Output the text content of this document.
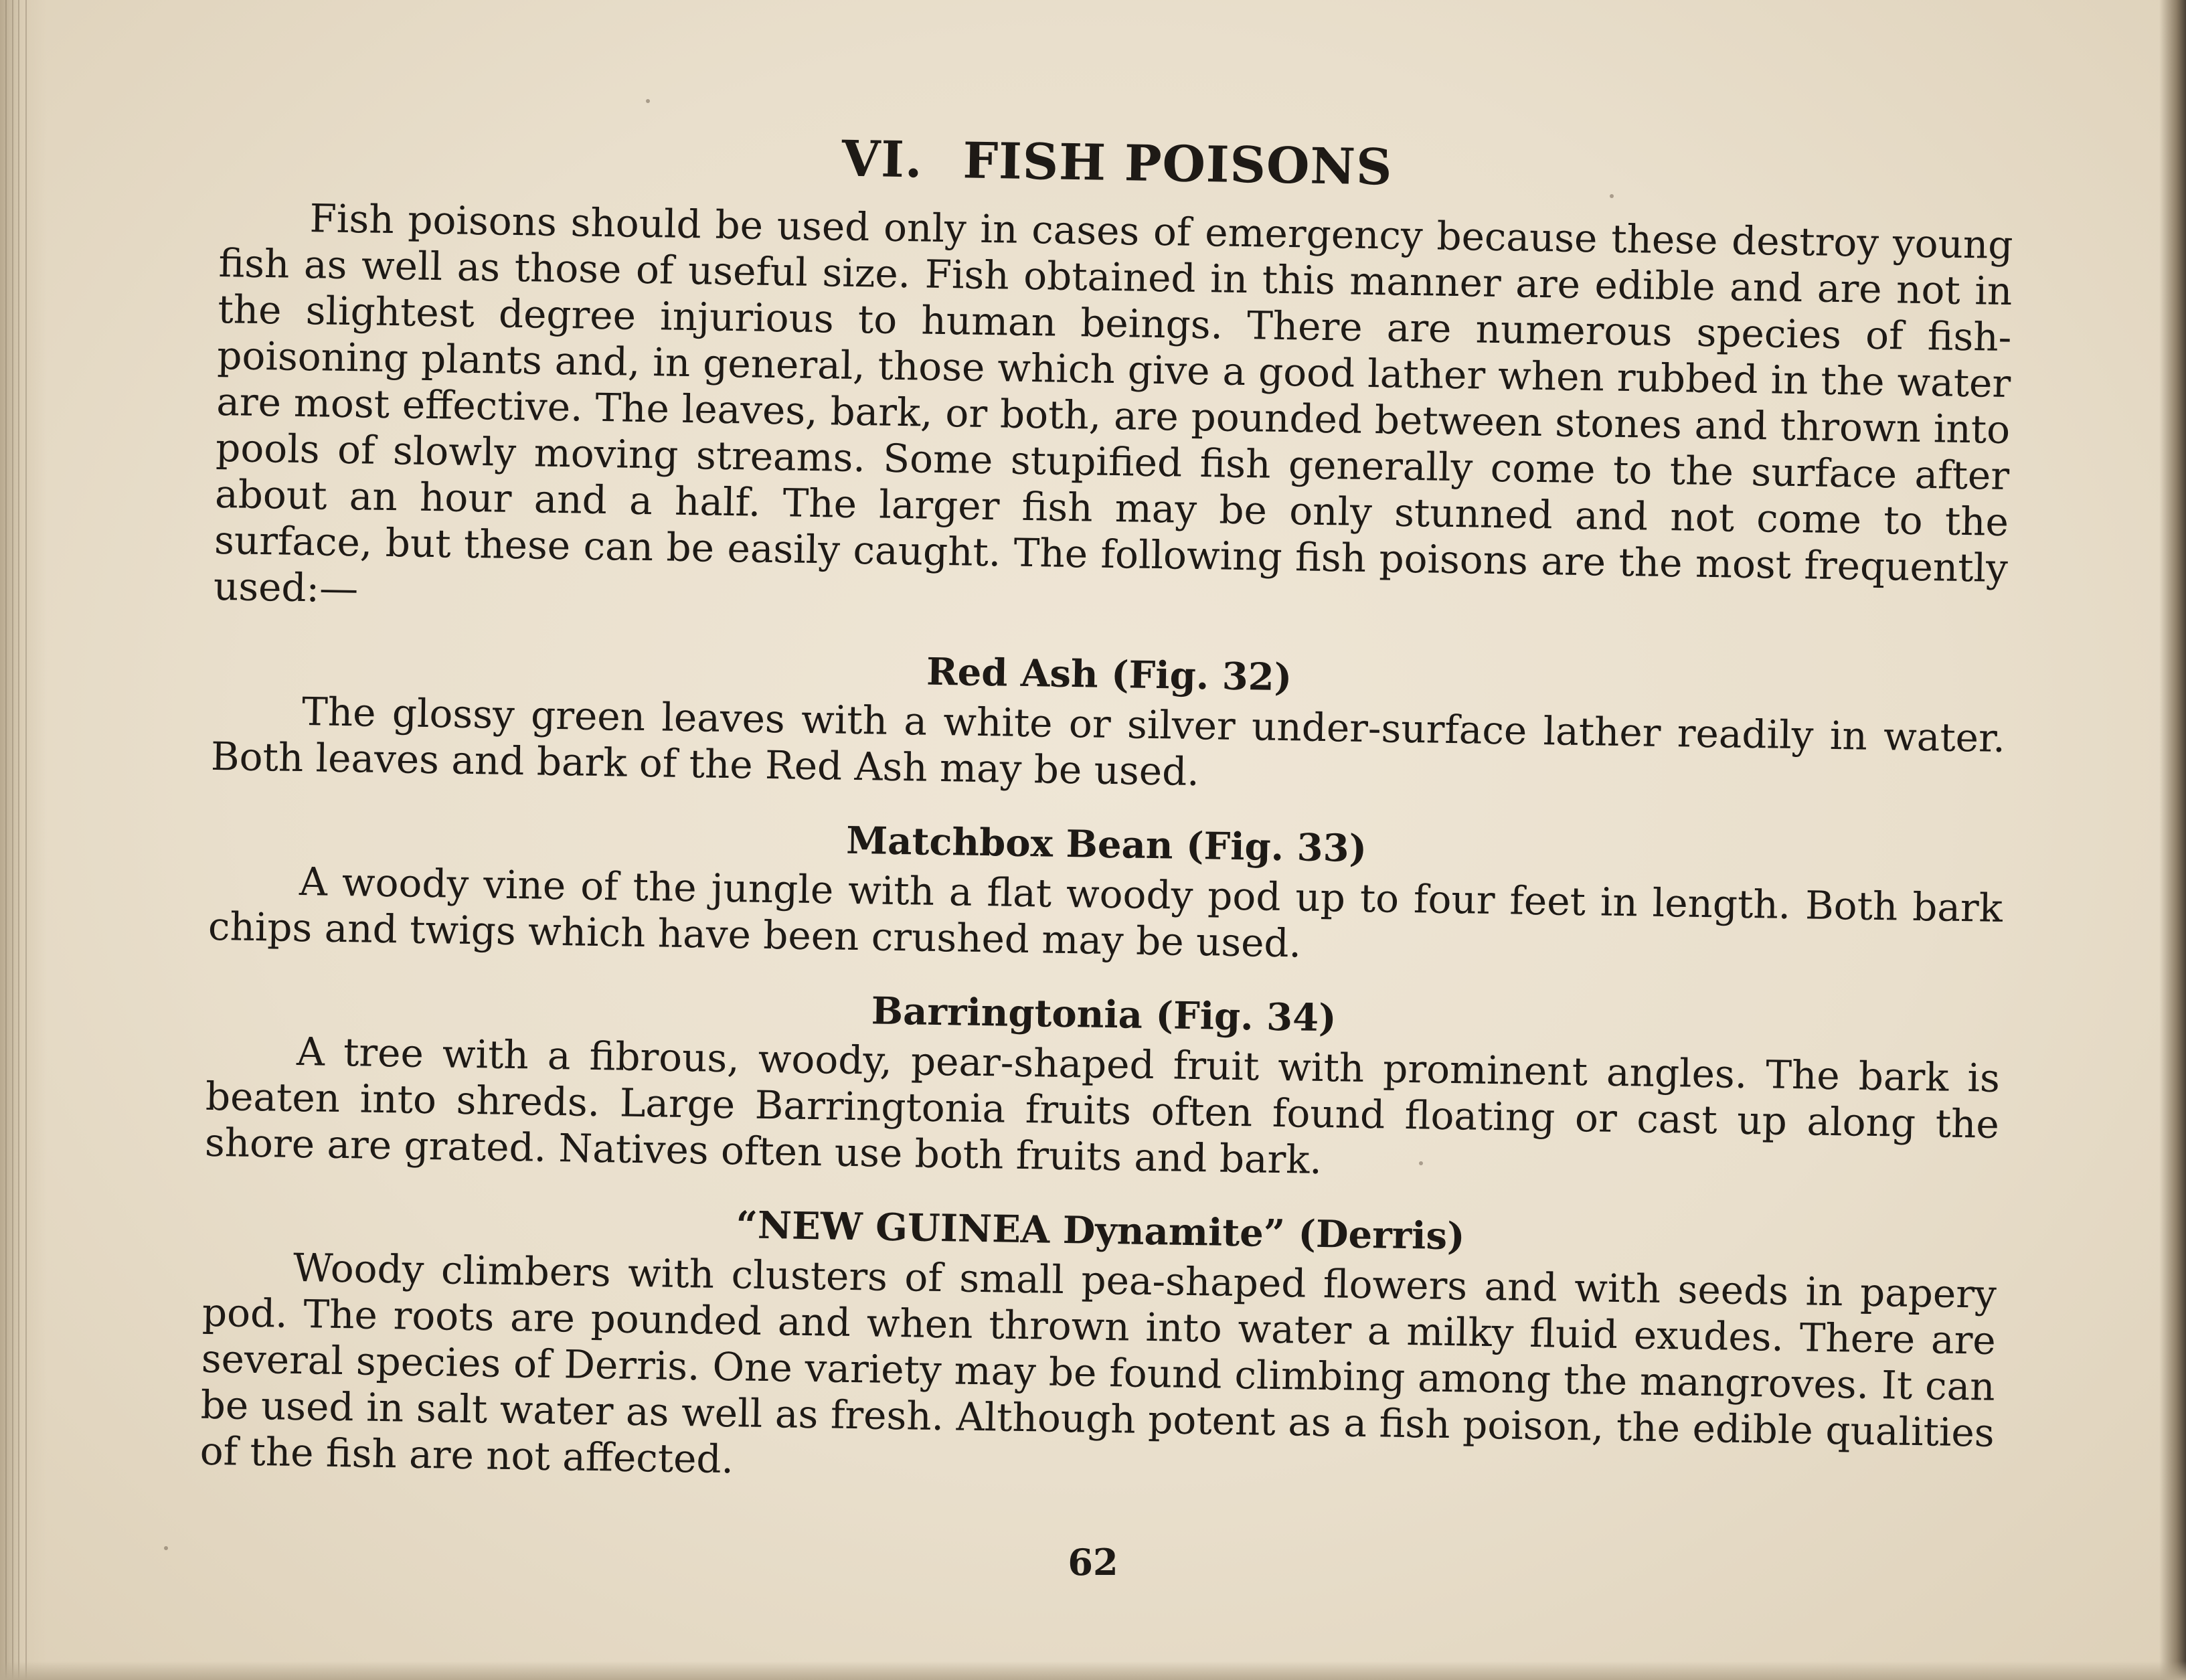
VI. FISH POISONS

Fish poisons should be used only in cases of emergency because these destroy young fish as well as those of useful size. Fish obtained in this manner are edible and are not in the slightest degree injurious to human beings. There are numerous species of fish-poisoning plants and, in general, those which give a good lather when rubbed in the water are most effective. The leaves, bark, or both, are pounded between stones and thrown into pools of slowly moving streams. Some stupified fish generally come to the surface after about an hour and a half. The larger fish may be only stunned and not come to the surface, but these can be easily caught. The following fish poisons are the most frequently used:—

Red Ash (Fig. 32)

The glossy green leaves with a white or silver under-surface lather readily in water. Both leaves and bark of the Red Ash may be used.

Matchbox Bean (Fig. 33)

A woody vine of the jungle with a flat woody pod up to four feet in length. Both bark chips and twigs which have been crushed may be used.

Barringtonia (Fig. 34)

A tree with a fibrous, woody, pear-shaped fruit with prominent angles. The bark is beaten into shreds. Large Barringtonia fruits often found floating or cast up along the shore are grated. Natives often use both fruits and bark.

“NEW GUINEA Dynamite” (Derris)

Woody climbers with clusters of small pea-shaped flowers and with seeds in papery pod. The roots are pounded and when thrown into water a milky fluid exudes. There are several species of Derris. One variety may be found climbing among the mangroves. It can be used in salt water as well as fresh. Although potent as a fish poison, the edible qualities of the fish are not affected.

62
